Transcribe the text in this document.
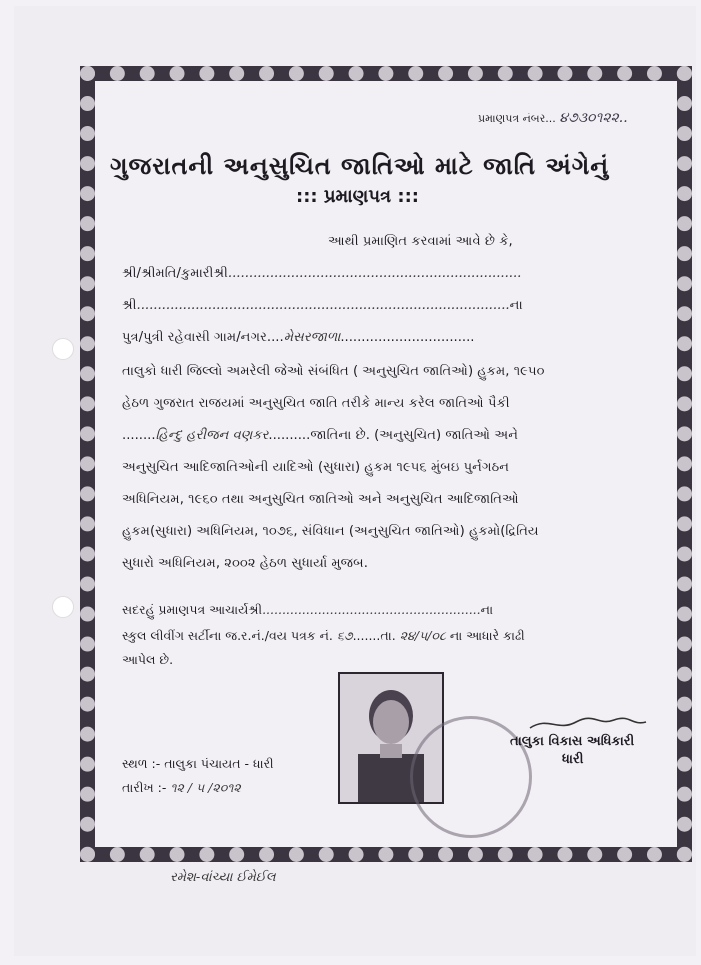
પ્રમાણપત્ર નંબર... ૪૭૩૦૧૨૨..
ગુજરાતની અનુસુચિત જાતિઓ માટે જાતિ અંગેનું
::: પ્રમાણપત્ર :::
આથી પ્રમાણિત કરવામાં આવે છે કે,
શ્રી/શ્રીમતિ/કુમારીશ્રી......................................................................
શ્રી.........................................................................................ના
પુત્ર/પુત્રી રહેવાસી ગામ/નગર....મેસરજાળા................................
તાલુકો ધારી જિલ્લો અમરેલી જેઓ સંબંધિત ( અનુસુચિત જાતિઓ) હુકમ, ૧૯૫૦
હેઠળ ગુજરાત રાજયમાં અનુસુચિત જાતિ તરીકે માન્ય કરેલ જાતિઓ પૈકી
........હિન્દુ હરીજન વણકર..........જાતિના છે. (અનુસુચિત) જાતિઓ અને
અનુસુચિત આદિજાતિઓની યાદિઓ (સુધારા) હુકમ ૧૯૫૬ મુંબઇ પુર્નગઠન
અધિનિયમ, ૧૯૬૦ તથા અનુસુચિત જાતિઓ અને અનુસુચિત આદિજાતિઓ
હુકમ(સુધારા) અધિનિયમ, ૧૦૭૬, સંવિધાન (અનુસુચિત જાતિઓ) હુકમો(દ્રિતિય
સુધારો અધિનિયમ, ૨૦૦૨ હેઠળ સુધાર્યા મુજબ.
સદરહું પ્રમાણપત્ર આચાર્યશ્રી.......................................................ના
સ્કુલ લીવીંગ સર્ટીના જ.ર.નં./વય પત્રક નં. ૬૭.......તા. ૨૪/૫/૦૮ ના આધારે કાઢી
આપેલ છે.
તાલુકા વિકાસ અધિકારી
ધારી
સ્થળ :- તાલુકા પંચાયત - ધારી
તારીખ :- ૧૨ / ૫ /૨૦૧૨
રમેશ-વાંચ્યા ઈમેઈલ
